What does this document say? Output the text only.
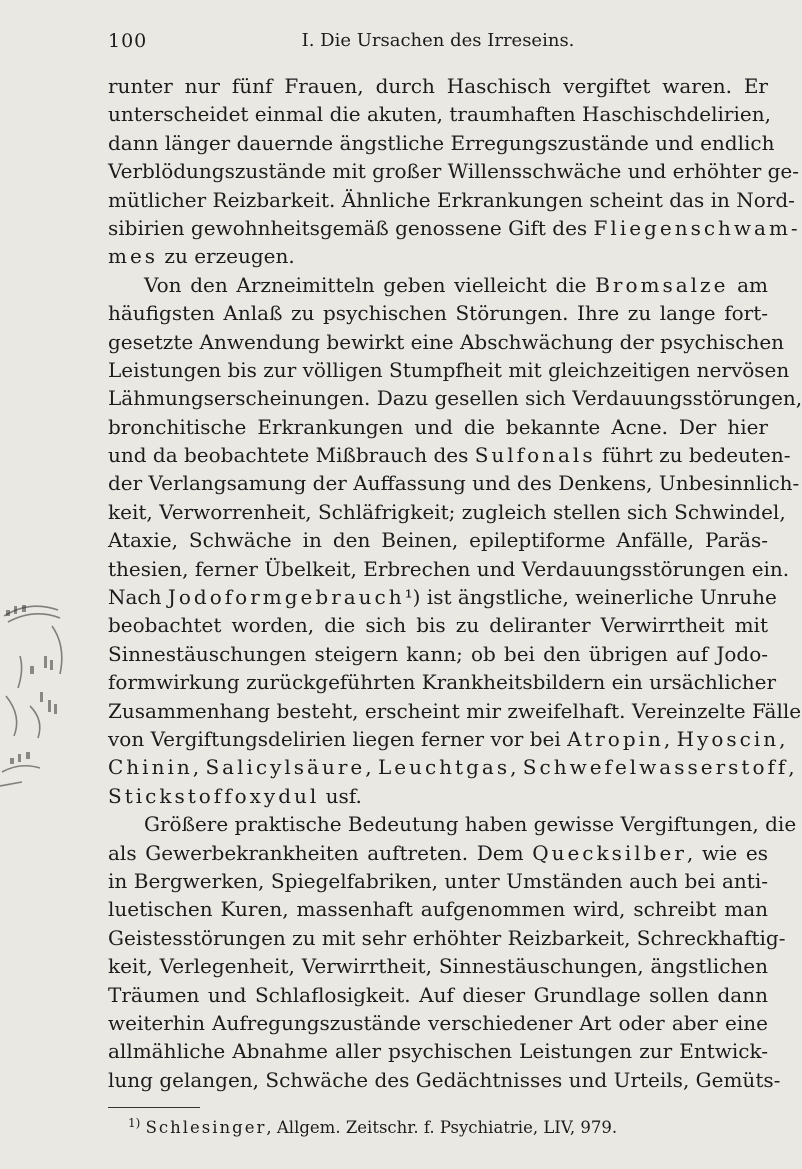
100	I. Die Ursachen des Irreseins.
runter nur fünf Frauen, durch Haschisch vergiftet waren. Er
unterscheidet einmal die akuten, traumhaften Haschischdelirien,
dann länger dauernde ängstliche Erregungszustände und endlich
Verblödungszustände mit großer Willensschwäche und erhöhter ge-
mütlicher Reizbarkeit. Ähnliche Erkrankungen scheint das in Nord-
sibirien gewohnheitsgemäß genossene Gift des Fliegenschwam-
mes zu erzeugen.
Von den Arzneimitteln geben vielleicht die Bromsalze am
häufigsten Anlaß zu psychischen Störungen. Ihre zu lange fort-
gesetzte Anwendung bewirkt eine Abschwächung der psychischen
Leistungen bis zur völligen Stumpfheit mit gleichzeitigen nervösen
Lähmungserscheinungen. Dazu gesellen sich Verdauungsstörungen,
bronchitische Erkrankungen und die bekannte Acne. Der hier
und da beobachtete Mißbrauch des Sulfonals führt zu bedeuten-
der Verlangsamung der Auffassung und des Denkens, Unbesinnlich-
keit, Verworrenheit, Schläfrigkeit; zugleich stellen sich Schwindel,
Ataxie, Schwäche in den Beinen, epileptiforme Anfälle, Paräs-
thesien, ferner Übelkeit, Erbrechen und Verdauungsstörungen ein.
Nach Jodoformgebrauch¹) ist ängstliche, weinerliche Unruhe
beobachtet worden, die sich bis zu deliranter Verwirrtheit mit
Sinnestäuschungen steigern kann; ob bei den übrigen auf Jodo-
formwirkung zurückgeführten Krankheitsbildern ein ursächlicher
Zusammenhang besteht, erscheint mir zweifelhaft. Vereinzelte Fälle
von Vergiftungsdelirien liegen ferner vor bei Atropin, Hyoscin,
Chinin, Salicylsäure, Leuchtgas, Schwefelwasserstoff,
Stickstoffoxydul usf.
Größere praktische Bedeutung haben gewisse Vergiftungen, die
als Gewerbekrankheiten auftreten. Dem Quecksilber, wie es
in Bergwerken, Spiegelfabriken, unter Umständen auch bei anti-
luetischen Kuren, massenhaft aufgenommen wird, schreibt man
Geistesstörungen zu mit sehr erhöhter Reizbarkeit, Schreckhaftig-
keit, Verlegenheit, Verwirrtheit, Sinnestäuschungen, ängstlichen
Träumen und Schlaflosigkeit. Auf dieser Grundlage sollen dann
weiterhin Aufregungszustände verschiedener Art oder aber eine
allmähliche Abnahme aller psychischen Leistungen zur Entwick-
lung gelangen, Schwäche des Gedächtnisses und Urteils, Gemüts-
$^{1)}$ Schlesinger, Allgem. Zeitschr. f. Psychiatrie, LIV, 979.
